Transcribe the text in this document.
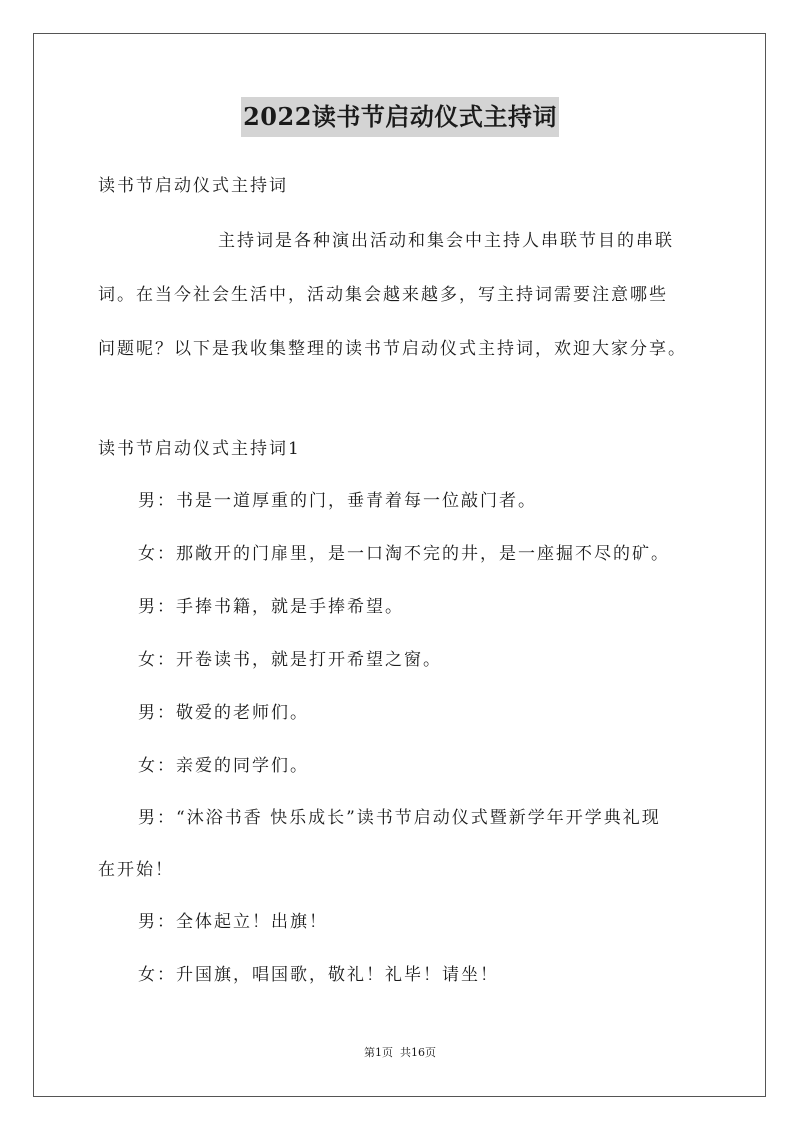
2022读书节启动仪式主持词
读书节启动仪式主持词
主持词是各种演出活动和集会中主持人串联节目的串联
词。在当今社会生活中，活动集会越来越多，写主持词需要注意哪些
问题呢？以下是我收集整理的读书节启动仪式主持词，欢迎大家分享。
读书节启动仪式主持词1
男：书是一道厚重的门，垂青着每一位敲门者。
女：那敞开的门扉里，是一口淘不完的井，是一座掘不尽的矿。
男：手捧书籍，就是手捧希望。
女：开卷读书，就是打开希望之窗。
男：敬爱的老师们。
女：亲爱的同学们。
男：“沐浴书香 快乐成长”读书节启动仪式暨新学年开学典礼现
在开始！
男：全体起立！出旗！
女：升国旗，唱国歌，敬礼！礼毕！请坐！
第1页  共16页
